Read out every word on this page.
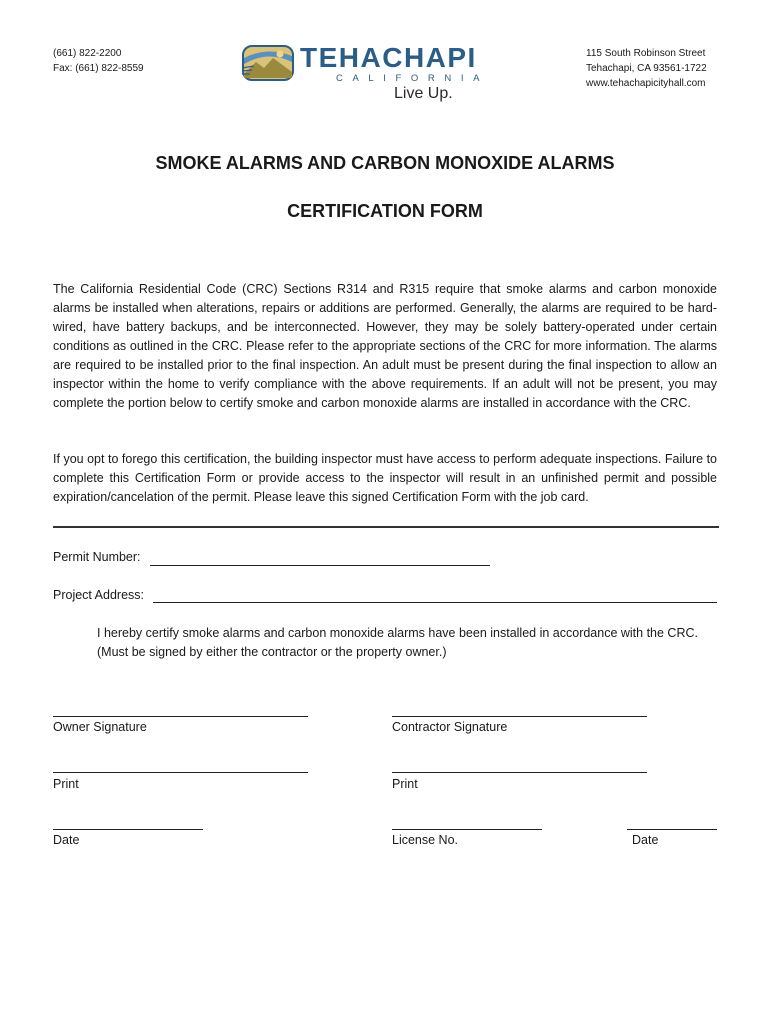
(661) 822-2200
Fax: (661) 822-8559	TEHACHAPI
CALIFORNIA
Live Up.
115 South Robinson Street
Tehachapi, CA 93561-1722
www.tehachapicityhall.com
SMOKE ALARMS AND CARBON MONOXIDE ALARMS
CERTIFICATION FORM

The California Residential Code (CRC) Sections R314 and R315 require that smoke alarms and carbon monoxide alarms be installed when alterations, repairs or additions are performed. Generally, the alarms are required to be hard-wired, have battery backups, and be interconnected. However, they may be solely battery-operated under certain conditions as outlined in the CRC. Please refer to the appropriate sections of the CRC for more information. The alarms are required to be installed prior to the final inspection. An adult must be present during the final inspection to allow an inspector within the home to verify compliance with the above requirements. If an adult will not be present, you may complete the portion below to certify smoke and carbon monoxide alarms are installed in accordance with the CRC.

If you opt to forego this certification, the building inspector must have access to perform adequate inspections. Failure to complete this Certification Form or provide access to the inspector will result in an unfinished permit and possible expiration/cancelation of the permit. Please leave this signed Certification Form with the job card.

Permit Number:
Project Address:

I hereby certify smoke alarms and carbon monoxide alarms have been installed in accordance with the CRC. (Must be signed by either the contractor or the property owner.)

Owner Signature	Contractor Signature
Print	Print
Date	License No.	Date
